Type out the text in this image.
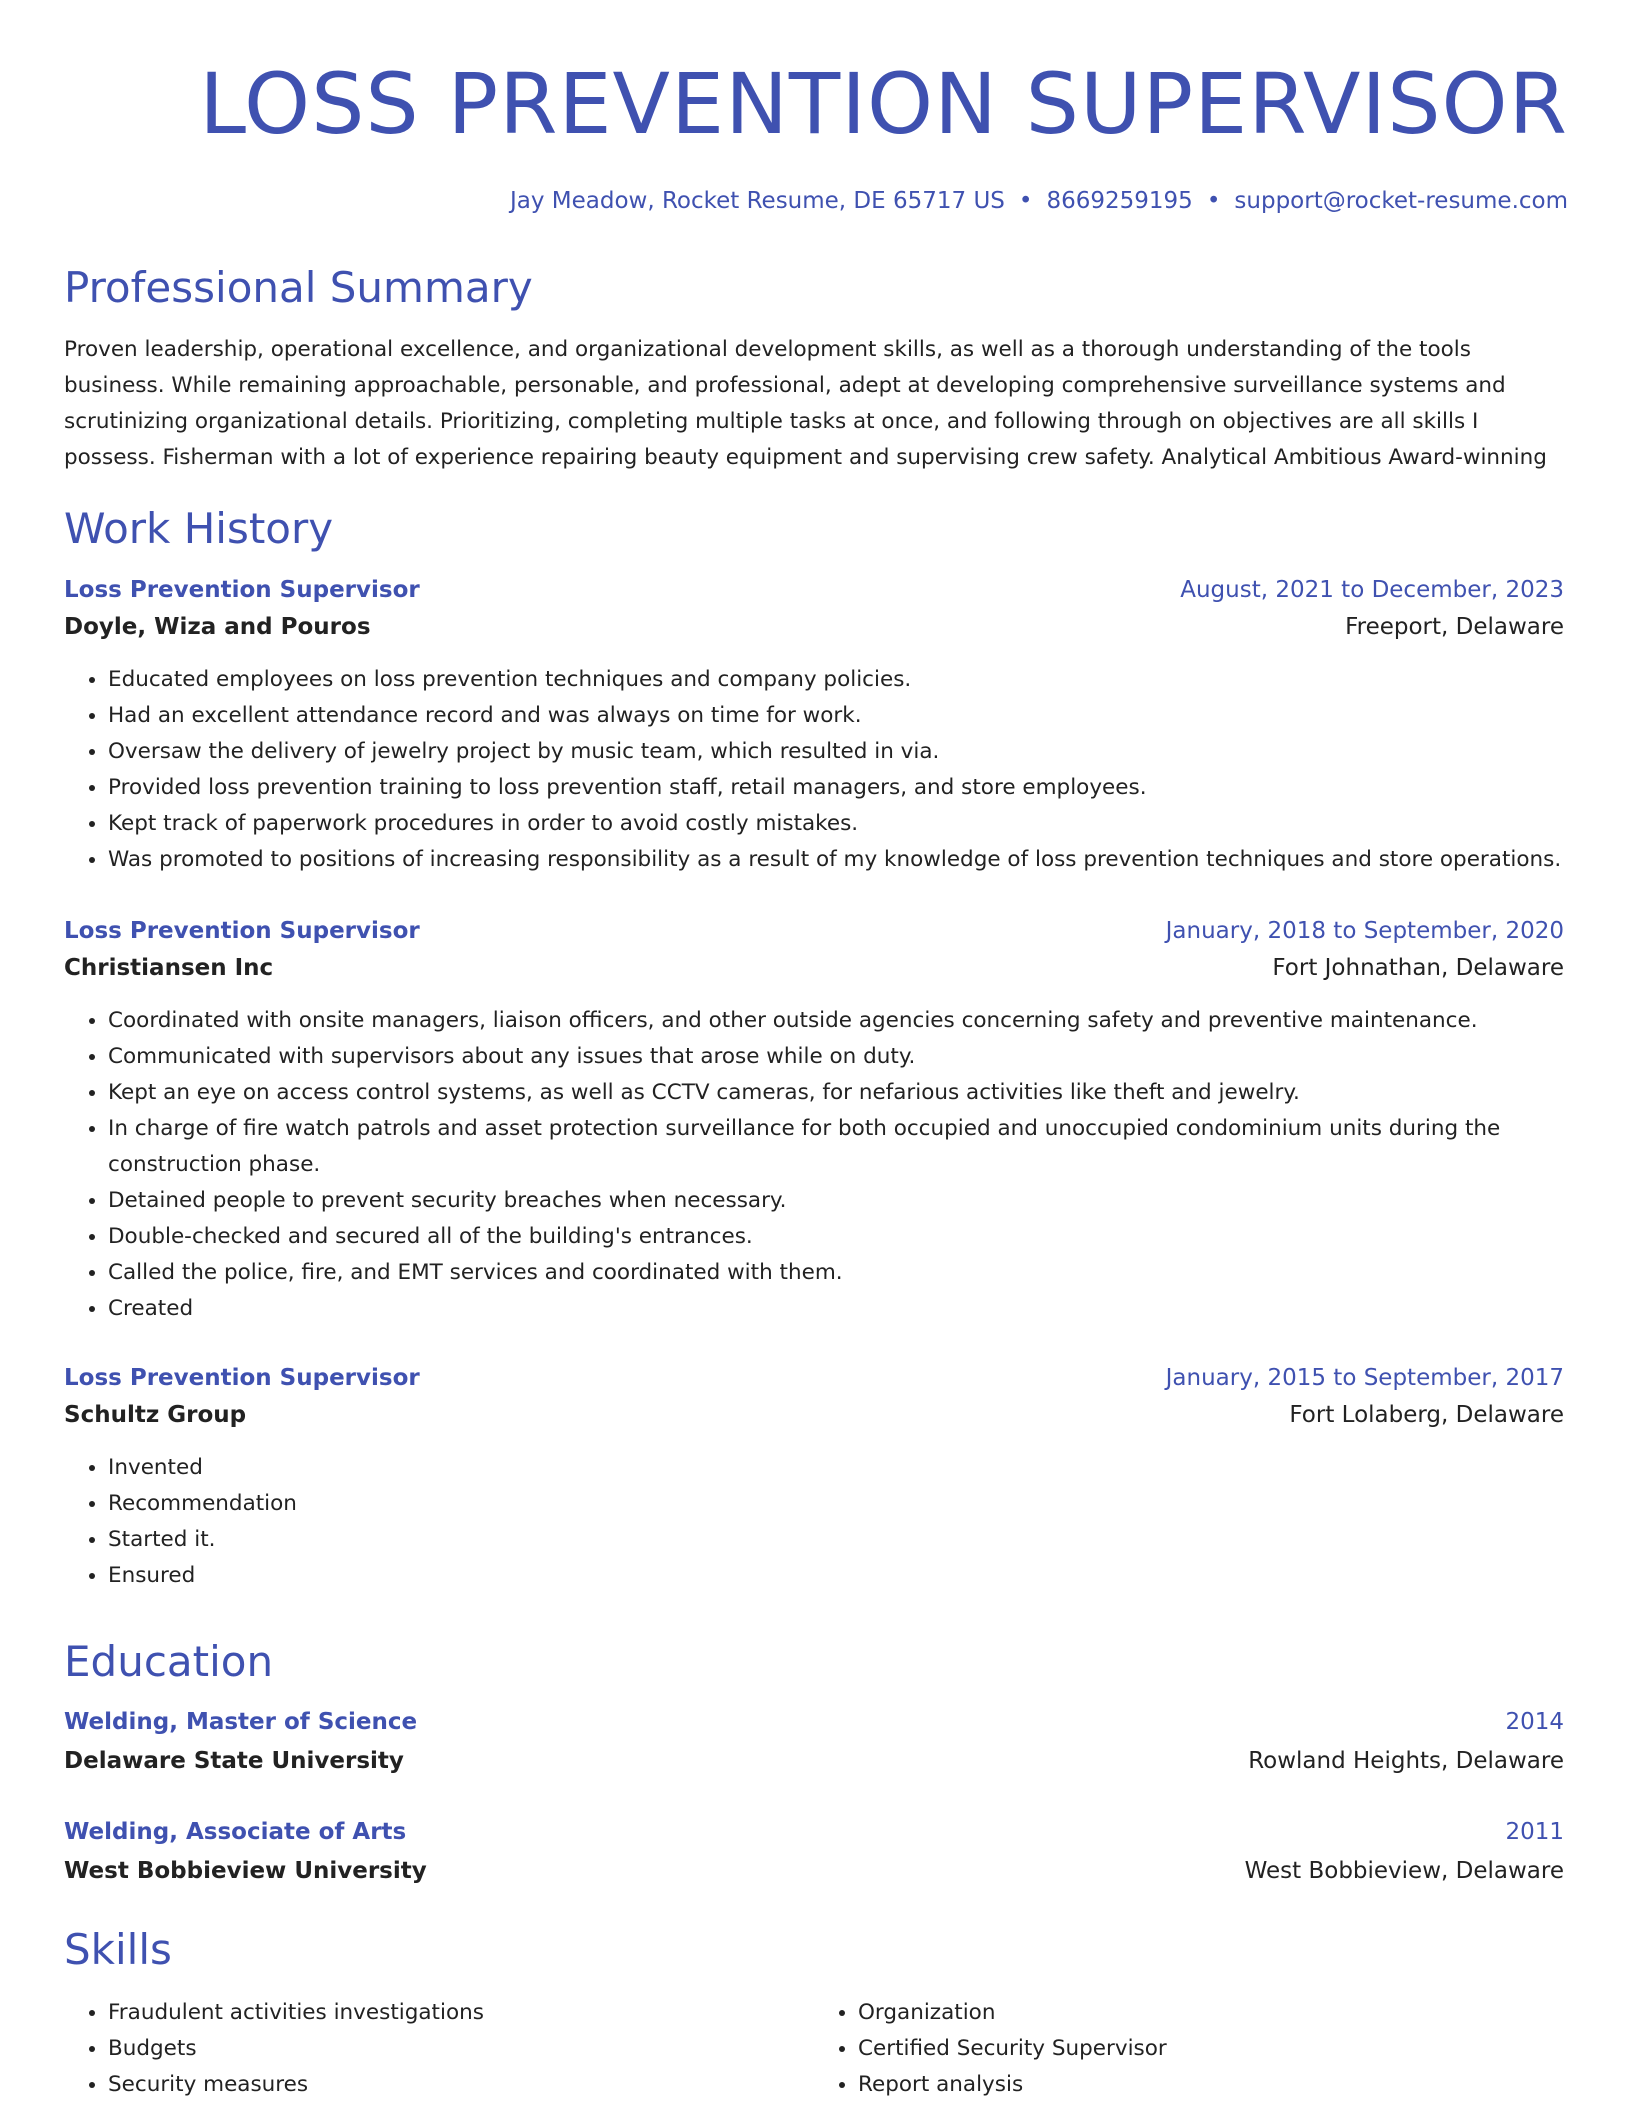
LOSS PREVENTION SUPERVISOR
Jay Meadow, Rocket Resume, DE 65717 US • 8669259195 • support@rocket-resume.com
Professional Summary

Proven leadership, operational excellence, and organizational development skills, as well as a thorough understanding of the tools business. While remaining approachable, personable, and professional, adept at developing comprehensive surveillance systems and scrutinizing organizational details. Prioritizing, completing multiple tasks at once, and following through on objectives are all skills I possess. Fisherman with a lot of experience repairing beauty equipment and supervising crew safety. Analytical Ambitious Award-winning

Work History
Loss Prevention Supervisor	August, 2021 to December, 2023
Doyle, Wiza and Pouros	Freeport, Delaware
• Educated employees on loss prevention techniques and company policies.
• Had an excellent attendance record and was always on time for work.
• Oversaw the delivery of jewelry project by music team, which resulted in via.
• Provided loss prevention training to loss prevention staff, retail managers, and store employees.
• Kept track of paperwork procedures in order to avoid costly mistakes.
• Was promoted to positions of increasing responsibility as a result of my knowledge of loss prevention techniques and store operations.
Loss Prevention Supervisor	January, 2018 to September, 2020
Christiansen Inc	Fort Johnathan, Delaware
• Coordinated with onsite managers, liaison officers, and other outside agencies concerning safety and preventive maintenance.
• Communicated with supervisors about any issues that arose while on duty.
• Kept an eye on access control systems, as well as CCTV cameras, for nefarious activities like theft and jewelry.
• In charge of fire watch patrols and asset protection surveillance for both occupied and unoccupied condominium units during the construction phase.
• Detained people to prevent security breaches when necessary.
• Double-checked and secured all of the building's entrances.
• Called the police, fire, and EMT services and coordinated with them.
• Created
Loss Prevention Supervisor	January, 2015 to September, 2017
Schultz Group	Fort Lolaberg, Delaware
• Invented
• Recommendation
• Started it.
• Ensured
Education
Welding, Master of Science	2014
Delaware State University	Rowland Heights, Delaware
Welding, Associate of Arts	2011
West Bobbieview University	West Bobbieview, Delaware
Skills
• Fraudulent activities investigations
• Budgets
• Security measures
• Organization
• Certified Security Supervisor
• Report analysis
